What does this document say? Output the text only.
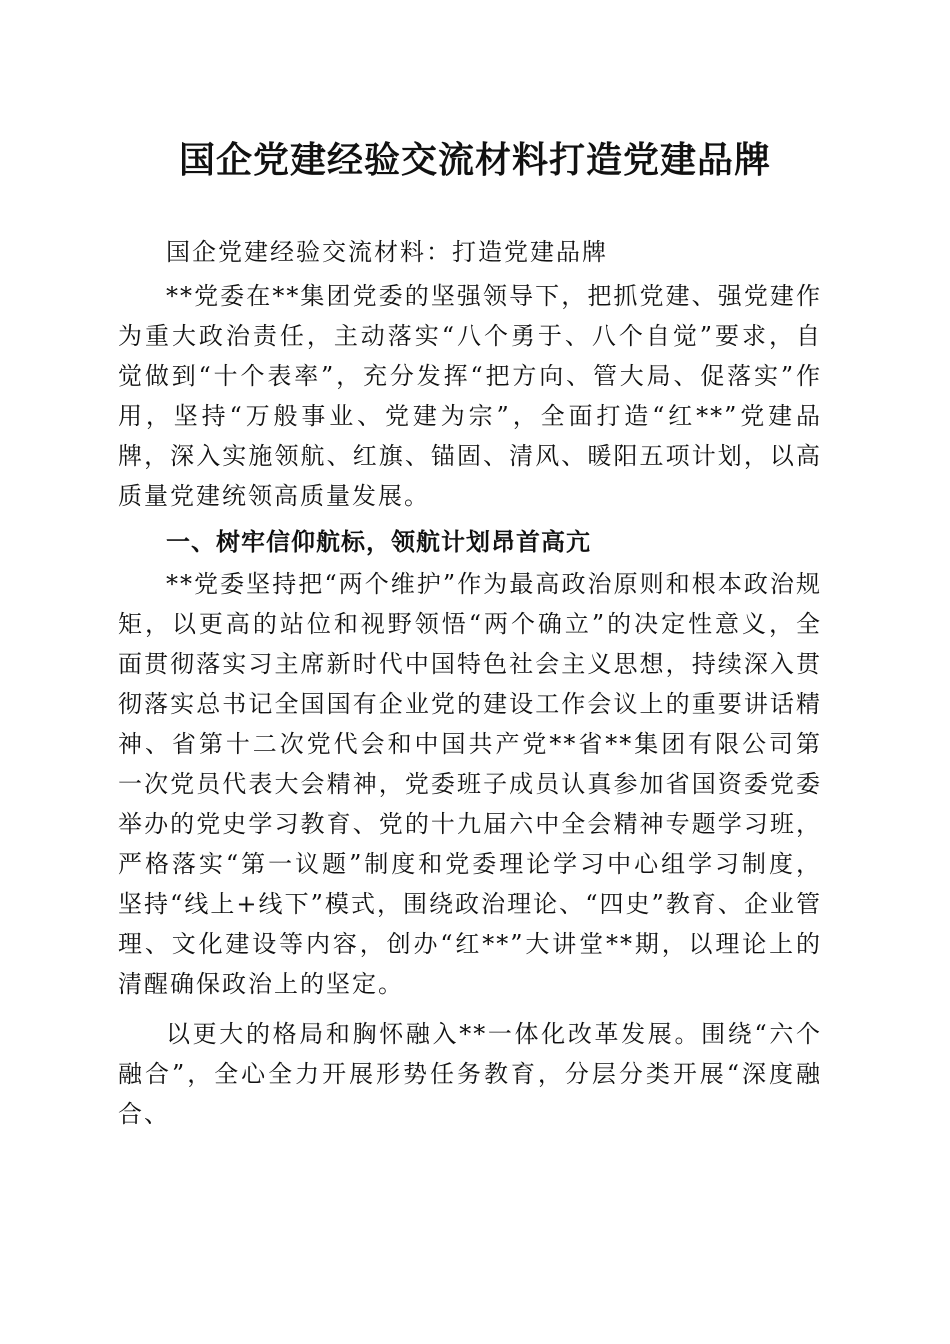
国企党建经验交流材料打造党建品牌

国企党建经验交流材料：打造党建品牌

**党委在**集团党委的坚强领导下，把抓党建、强党建作为重大政治责任，主动落实“八个勇于、八个自觉”要求，自觉做到“十个表率”，充分发挥“把方向、管大局、促落实”作用，坚持“万般事业、党建为宗”，全面打造“红**”党建品牌，深入实施领航、红旗、锚固、清风、暖阳五项计划，以高质量党建统领高质量发展。

一、树牢信仰航标，领航计划昂首高亢

**党委坚持把“两个维护”作为最高政治原则和根本政治规矩，以更高的站位和视野领悟“两个确立”的决定性意义，全面贯彻落实习主席新时代中国特色社会主义思想，持续深入贯彻落实总书记全国国有企业党的建设工作会议上的重要讲话精神、省第十二次党代会和中国共产党**省**集团有限公司第一次党员代表大会精神，党委班子成员认真参加省国资委党委举办的党史学习教育、党的十九届六中全会精神专题学习班，严格落实“第一议题”制度和党委理论学习中心组学习制度，坚持“线上+线下”模式，围绕政治理论、“四史”教育、企业管理、文化建设等内容，创办“红**”大讲堂**期，以理论上的清醒确保政治上的坚定。

以更大的格局和胸怀融入**一体化改革发展。围绕“六个融合”，全心全力开展形势任务教育，分层分类开展“深度融合、
